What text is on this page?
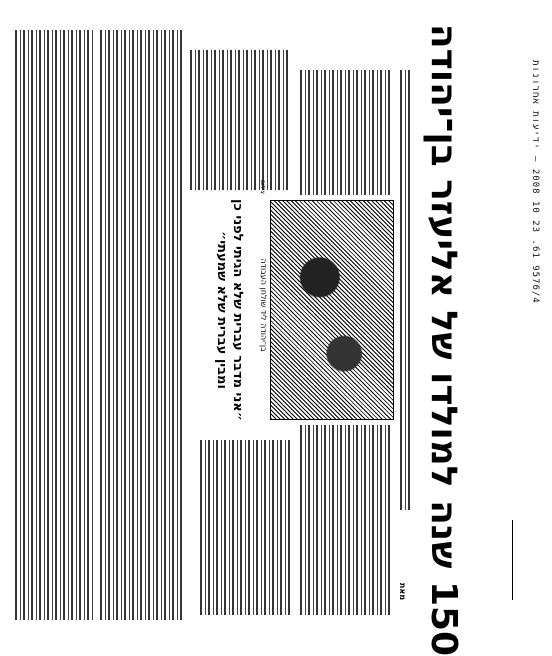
‏9576/4‏ 61. ‏23‏ ‏10 2008 — ‏ידיעות אחרונות
‏150 שנה למולדו של אליעזר בן־יהודה
‏מאת
‏צילום
‏בן־יהודה ליד שולחן העבודה
‏״אני מדבר עברית שלא הגיתי לפני כן ומבין עברית שלא שמעתי״
